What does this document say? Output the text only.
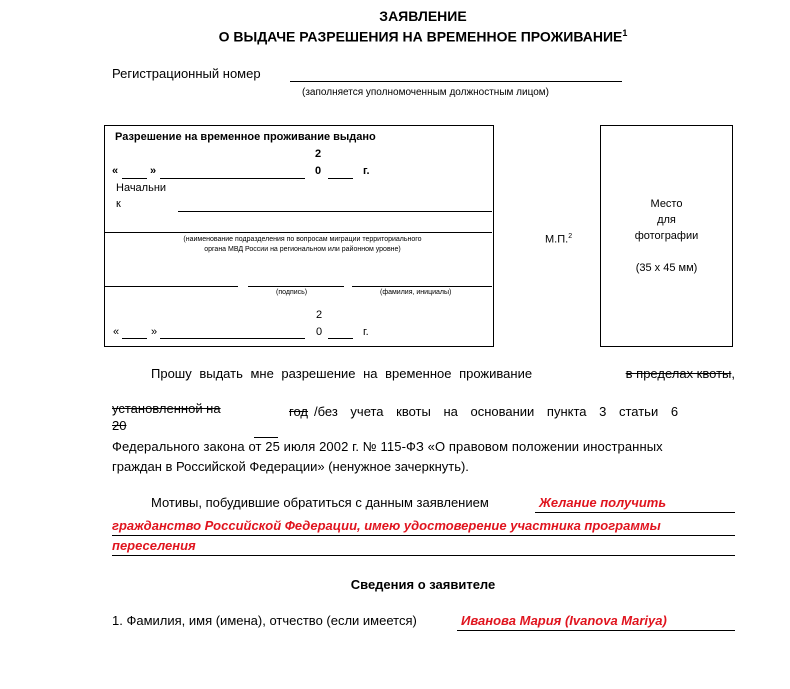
ЗАЯВЛЕНИЕ
О ВЫДАЧЕ РАЗРЕШЕНИЯ НА ВРЕМЕННОЕ ПРОЖИВАНИЕ$^1$
Регистрационный номер
(заполняется уполномоченным должностным лицом)
Разрешение на временное проживание выдано
2
«	»	0	г.
Начальни
к
(наименование подразделения по вопросам миграции территориального органа МВД России на региональном или районном уровне)
(подпись)	(фамилия, инициалы)
2
«	»	0	г.
М.П.$^2$
Место
для
фотографии
(35 х 45 мм)
Прошу выдать мне разрешение на временное проживание	в пределах квоты,
установленной на
20
год /без учета квоты на основании пункта 3 статьи 6
Федерального закона от 25 июля 2002 г. № 115-ФЗ «О правовом положении иностранных
граждан в Российской Федерации» (ненужное зачеркнуть).
Мотивы, побудившие обратиться с данным заявлением	Желание получить
гражданство Российской Федерации, имею удостоверение участника программы
переселения
Сведения о заявителе
1. Фамилия, имя (имена), отчество (если имеется)	Иванова Мария (Ivanova Mariya)
